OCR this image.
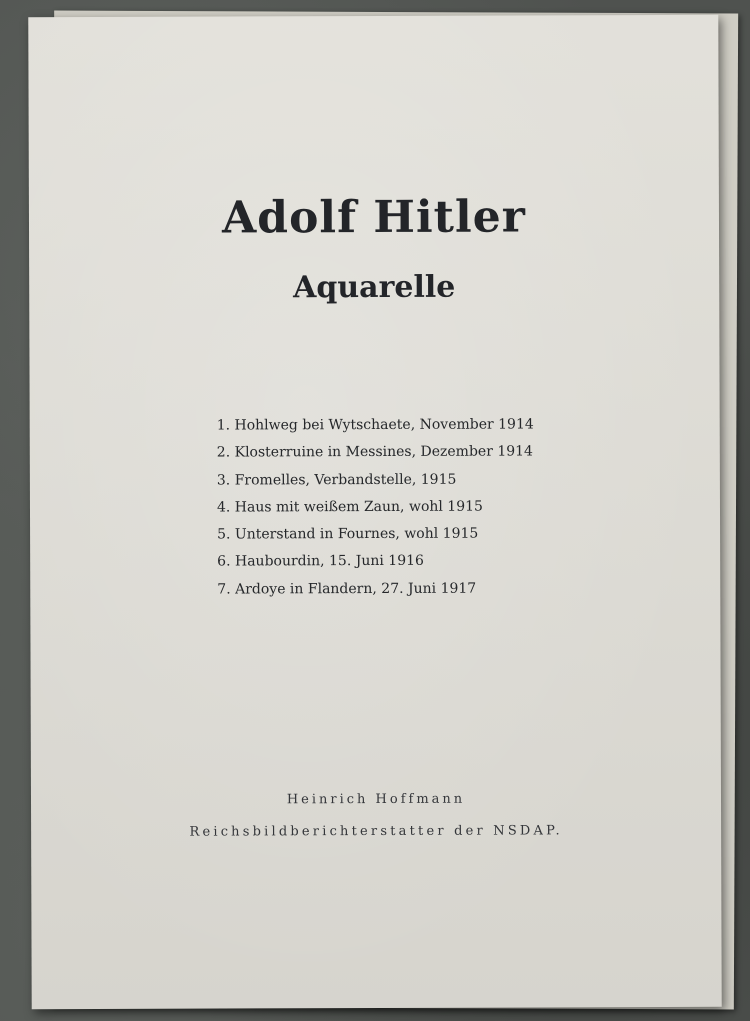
Adolf Hitler
Aquarelle
1. Hohlweg bei Wytschaete, November 1914
2. Klosterruine in Messines, Dezember 1914
3. Fromelles, Verbandstelle, 1915
4. Haus mit weißem Zaun, wohl 1915
5. Unterstand in Fournes, wohl 1915
6. Haubourdin, 15. Juni 1916
7. Ardoye in Flandern, 27. Juni 1917
Heinrich Hoffmann
Reichsbildberichterstatter der NSDAP.
